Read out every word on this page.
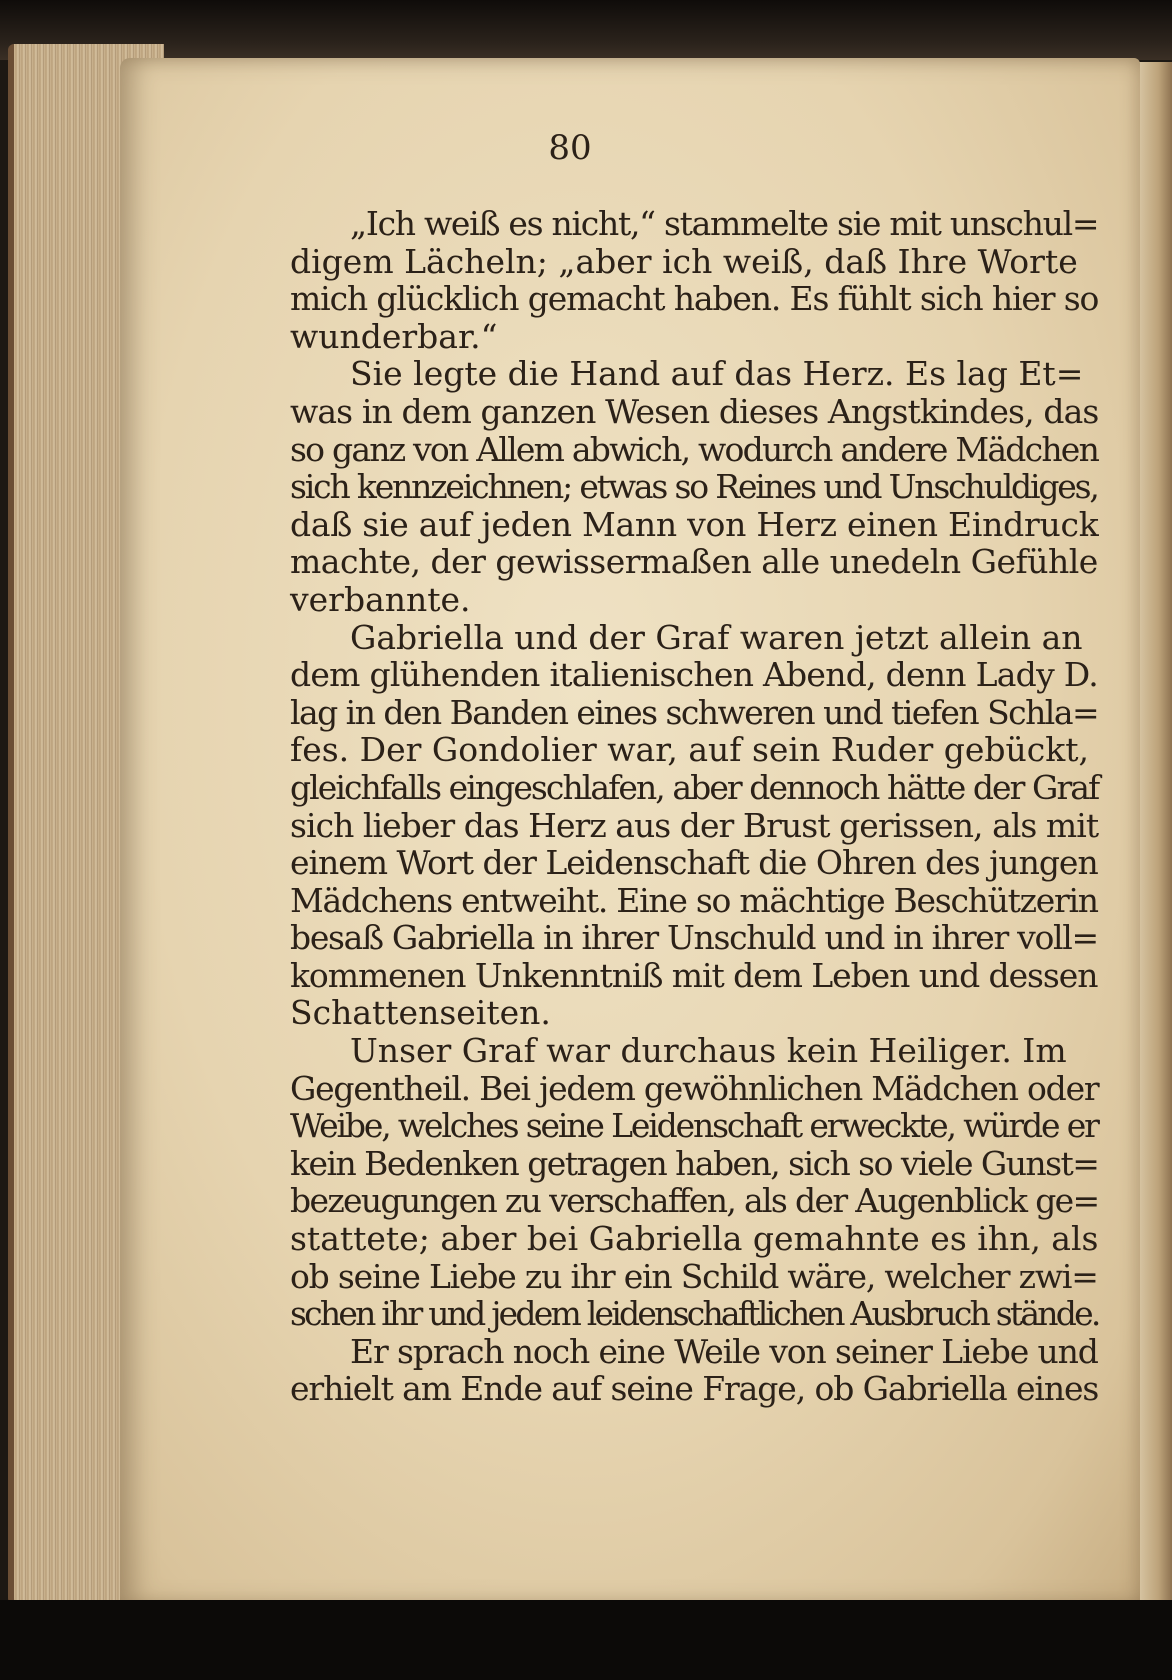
80
„Ich weiß es nicht,“ stammelte sie mit unschul=
digem Lächeln; „aber ich weiß, daß Ihre Worte
mich glücklich gemacht haben. Es fühlt sich hier so
wunderbar.“
Sie legte die Hand auf das Herz. Es lag Et=
was in dem ganzen Wesen dieses Angstkindes, das
so ganz von Allem abwich, wodurch andere Mädchen
sich kennzeichnen; etwas so Reines und Unschuldiges,
daß sie auf jeden Mann von Herz einen Eindruck
machte, der gewissermaßen alle unedeln Gefühle
verbannte.
Gabriella und der Graf waren jetzt allein an
dem glühenden italienischen Abend, denn Lady D.
lag in den Banden eines schweren und tiefen Schla=
fes. Der Gondolier war, auf sein Ruder gebückt,
gleichfalls eingeschlafen, aber dennoch hätte der Graf
sich lieber das Herz aus der Brust gerissen, als mit
einem Wort der Leidenschaft die Ohren des jungen
Mädchens entweiht. Eine so mächtige Beschützerin
besaß Gabriella in ihrer Unschuld und in ihrer voll=
kommenen Unkenntniß mit dem Leben und dessen
Schattenseiten.
Unser Graf war durchaus kein Heiliger. Im
Gegentheil. Bei jedem gewöhnlichen Mädchen oder
Weibe, welches seine Leidenschaft erweckte, würde er
kein Bedenken getragen haben, sich so viele Gunst=
bezeugungen zu verschaffen, als der Augenblick ge=
stattete; aber bei Gabriella gemahnte es ihn, als
ob seine Liebe zu ihr ein Schild wäre, welcher zwi=
schen ihr und jedem leidenschaftlichen Ausbruch stände.
Er sprach noch eine Weile von seiner Liebe und
erhielt am Ende auf seine Frage, ob Gabriella eines
